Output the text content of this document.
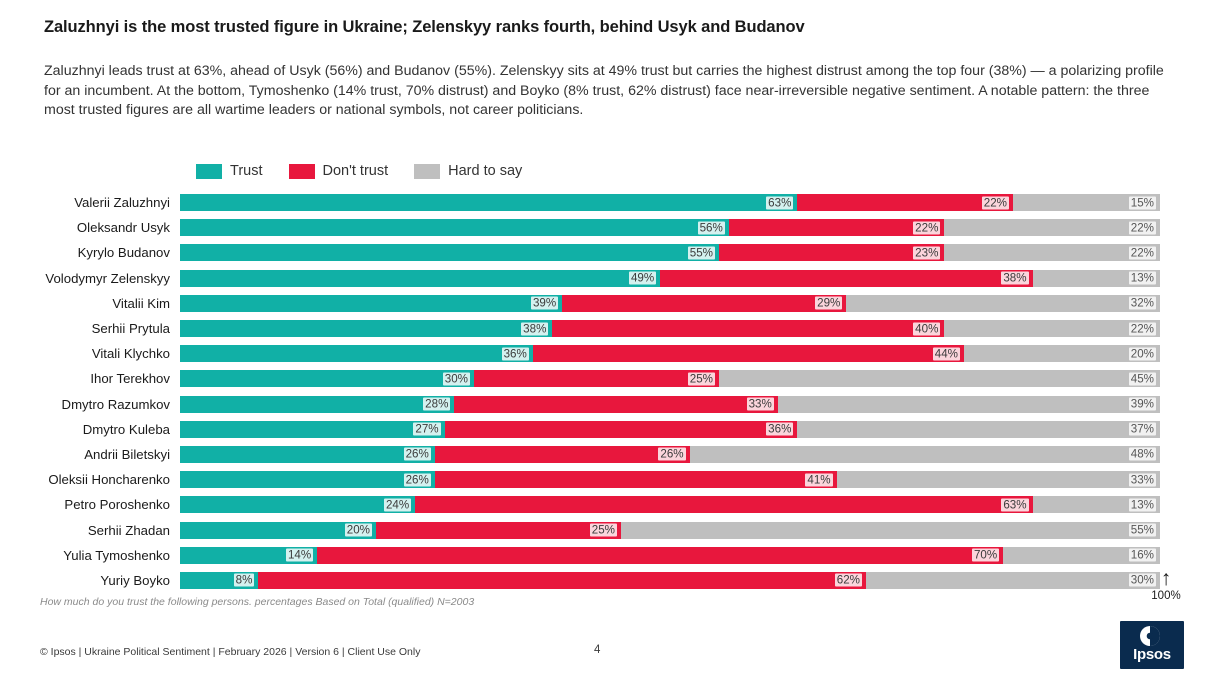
Zaluzhnyi is the most trusted figure in Ukraine; Zelenskyy ranks fourth, behind Usyk and Budanov
Zaluzhnyi leads trust at 63%, ahead of Usyk (56%) and Budanov (55%). Zelenskyy sits at 49% trust but carries the highest distrust among the top four (38%) — a polarizing profile for an incumbent. At the bottom, Tymoshenko (14% trust, 70% distrust) and Boyko (8% trust, 62% distrust) face near-irreversible negative sentiment. A notable pattern: the three most trusted figures are all wartime leaders or national symbols, not career politicians.
Trust	Don't trust	Hard to say
Valerii Zaluzhnyi	63%	22%	15%
Oleksandr Usyk	56%	22%	22%
Kyrylo Budanov	55%	23%	22%
Volodymyr Zelenskyy	49%	38%	13%
Vitalii Kim	39%	29%	32%
Serhii Prytula	38%	40%	22%
Vitali Klychko	36%	44%	20%
Ihor Terekhov	30%	25%	45%
Dmytro Razumkov	28%	33%	39%
Dmytro Kuleba	27%	36%	37%
Andrii Biletskyi	26%	26%	48%
Oleksii Honcharenko	26%	41%	33%
Petro Poroshenko	24%	63%	13%
Serhii Zhadan	20%	25%	55%
Yulia Tymoshenko	14%	70%	16%
Yuriy Boyko	8%	62%	30% ↑
100%
How much do you trust the following persons. percentages Based on Total (qualified) N=2003
© Ipsos | Ukraine Political Sentiment | February 2026 | Version 6 | Client Use Only	4	Ipsos
